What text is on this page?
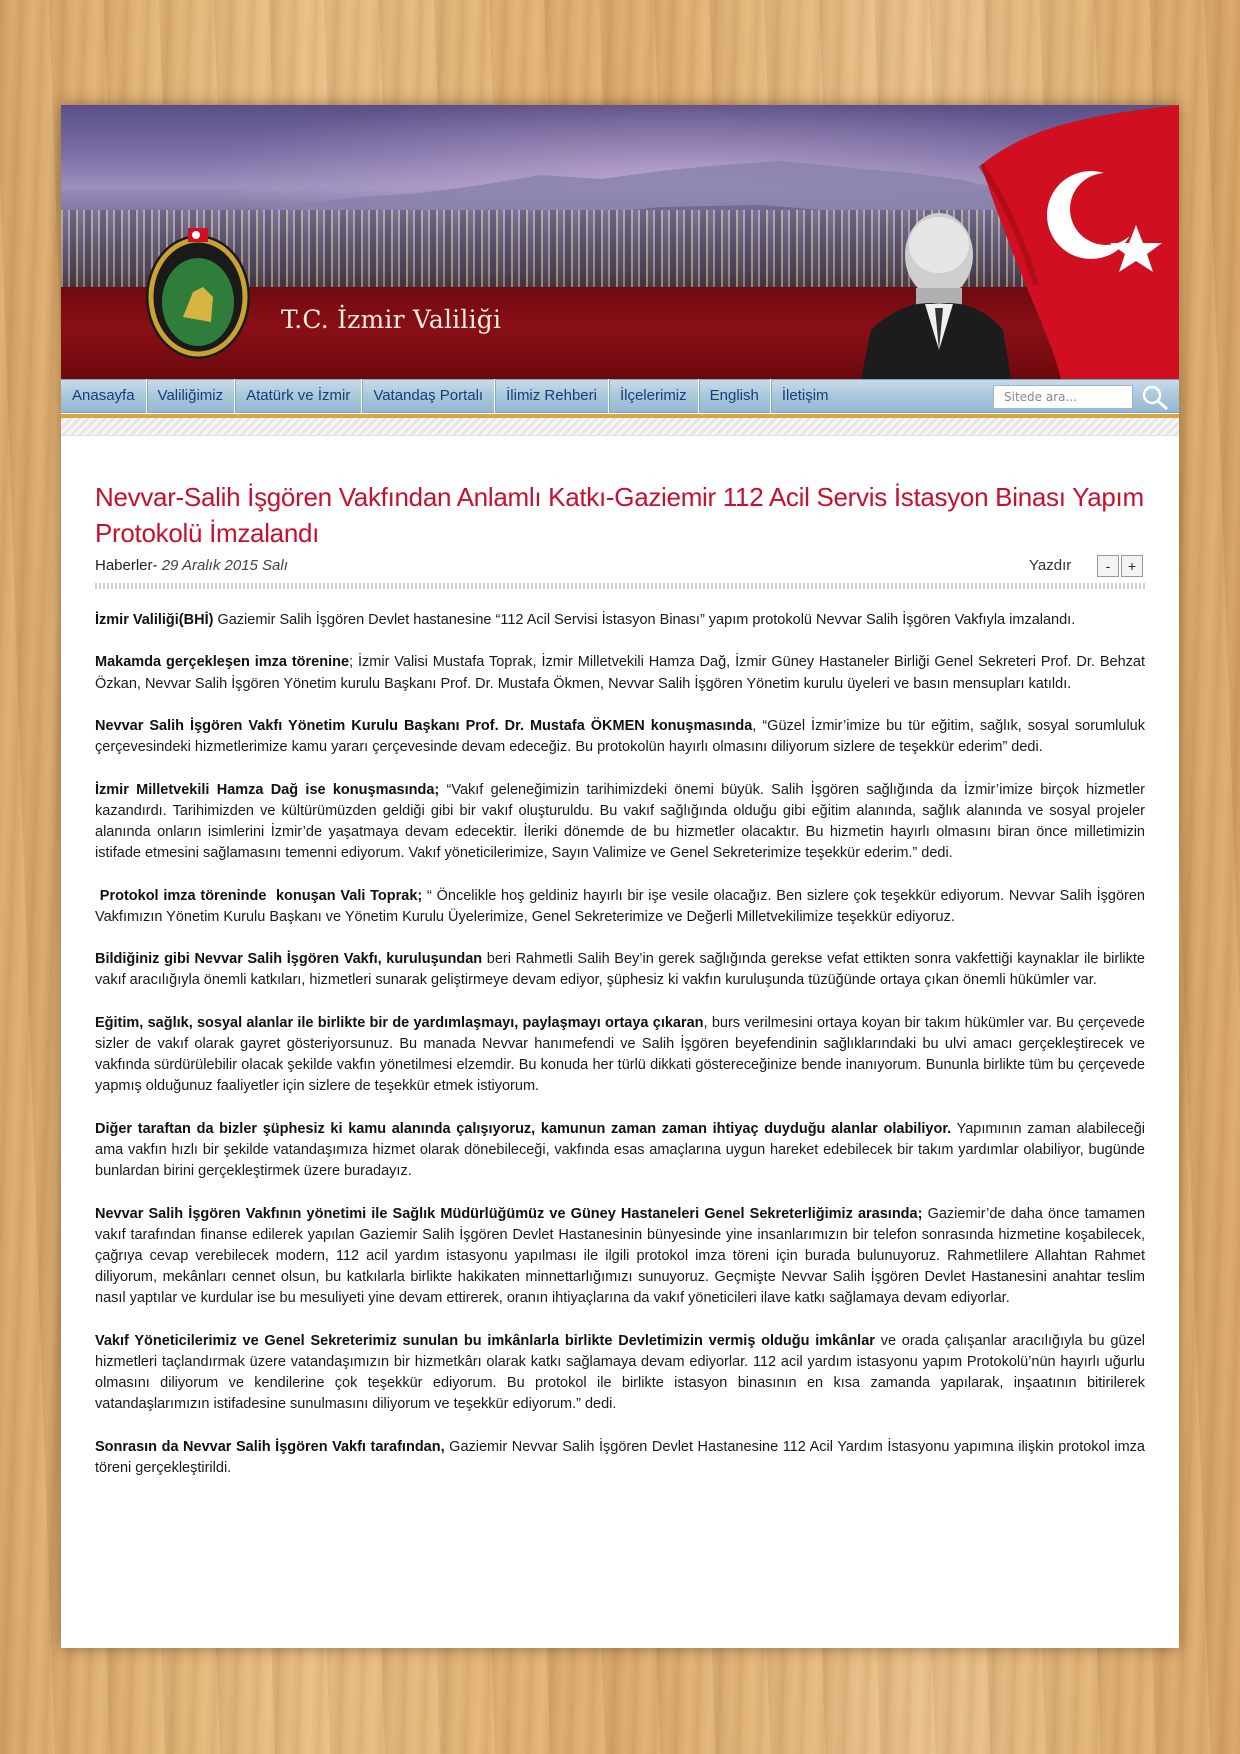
T.C. İzmir Valiliği
Anasayfa	Valiliğimiz	Atatürk ve İzmir	Vatandaş Portalı	İlimiz Rehberi	İlçelerimiz	English	İletişim	Sitede ara...
Nevvar-Salih İşgören Vakfından Anlamlı Katkı-Gaziemir 112 Acil Servis İstasyon Binası Yapım Protokolü İmzalandı
Haberler- 29 Aralık 2015 Salı	Yazdır	-	+

İzmir Valiliği(BHİ) Gaziemir Salih İşgören Devlet hastanesine “112 Acil Servisi İstasyon Binası” yapım protokolü Nevvar Salih İşgören Vakfıyla imzalandı.

Makamda gerçekleşen imza törenine; İzmir Valisi Mustafa Toprak, İzmir Milletvekili Hamza Dağ, İzmir Güney Hastaneler Birliği Genel Sekreteri Prof. Dr. Behzat Özkan, Nevvar Salih İşgören Yönetim kurulu Başkanı Prof. Dr. Mustafa Ökmen, Nevvar Salih İşgören Yönetim kurulu üyeleri ve basın mensupları katıldı.

Nevvar Salih İşgören Vakfı Yönetim Kurulu Başkanı Prof. Dr. Mustafa ÖKMEN konuşmasında, “Güzel İzmir’imize bu tür eğitim, sağlık, sosyal sorumluluk çerçevesindeki hizmetlerimize kamu yararı çerçevesinde devam edeceğiz. Bu protokolün hayırlı olmasını diliyorum sizlere de teşekkür ederim” dedi.

İzmir Milletvekili Hamza Dağ ise konuşmasında; “Vakıf geleneğimizin tarihimizdeki önemi büyük. Salih İşgören sağlığında da İzmir’imize birçok hizmetler kazandırdı. Tarihimizden ve kültürümüzden geldiği gibi bir vakıf oluşturuldu. Bu vakıf sağlığında olduğu gibi eğitim alanında, sağlık alanında ve sosyal projeler alanında onların isimlerini İzmir’de yaşatmaya devam edecektir. İleriki dönemde de bu hizmetler olacaktır. Bu hizmetin hayırlı olmasını biran önce milletimizin istifade etmesini sağlamasını temenni ediyorum. Vakıf yöneticilerimize, Sayın Valimize ve Genel Sekreterimize teşekkür ederim.” dedi.

Protokol imza töreninde  konuşan Vali Toprak; “ Öncelikle hoş geldiniz hayırlı bir işe vesile olacağız. Ben sizlere çok teşekkür ediyorum. Nevvar Salih İşgören Vakfımızın Yönetim Kurulu Başkanı ve Yönetim Kurulu Üyelerimize, Genel Sekreterimize ve Değerli Milletvekilimize teşekkür ediyoruz.

Bildiğiniz gibi Nevvar Salih İşgören Vakfı, kuruluşundan beri Rahmetli Salih Bey’in gerek sağlığında gerekse vefat ettikten sonra vakfettiği kaynaklar ile birlikte vakıf aracılığıyla önemli katkıları, hizmetleri sunarak geliştirmeye devam ediyor, şüphesiz ki vakfın kuruluşunda tüzüğünde ortaya çıkan önemli hükümler var.

Eğitim, sağlık, sosyal alanlar ile birlikte bir de yardımlaşmayı, paylaşmayı ortaya çıkaran, burs verilmesini ortaya koyan bir takım hükümler var. Bu çerçevede sizler de vakıf olarak gayret gösteriyorsunuz. Bu manada Nevvar hanımefendi ve Salih İşgören beyefendinin sağlıklarındaki bu ulvi amacı gerçekleştirecek ve vakfında sürdürülebilir olacak şekilde vakfın yönetilmesi elzemdir. Bu konuda her türlü dikkati göstereceğinize bende inanıyorum. Bununla birlikte tüm bu çerçevede yapmış olduğunuz faaliyetler için sizlere de teşekkür etmek istiyorum.

Diğer taraftan da bizler şüphesiz ki kamu alanında çalışıyoruz, kamunun zaman zaman ihtiyaç duyduğu alanlar olabiliyor. Yapımının zaman alabileceği ama vakfın hızlı bir şekilde vatandaşımıza hizmet olarak dönebileceği, vakfında esas amaçlarına uygun hareket edebilecek bir takım yardımlar olabiliyor, bugünde bunlardan birini gerçekleştirmek üzere buradayız.

Nevvar Salih İşgören Vakfının yönetimi ile Sağlık Müdürlüğümüz ve Güney Hastaneleri Genel Sekreterliğimiz arasında; Gaziemir’de daha önce tamamen vakıf tarafından finanse edilerek yapılan Gaziemir Salih İşgören Devlet Hastanesinin bünyesinde yine insanlarımızın bir telefon sonrasında hizmetine koşabilecek, çağrıya cevap verebilecek modern, 112 acil yardım istasyonu yapılması ile ilgili protokol imza töreni için burada bulunuyoruz. Rahmetlilere Allahtan Rahmet diliyorum, mekânları cennet olsun, bu katkılarla birlikte hakikaten minnettarlığımızı sunuyoruz. Geçmişte Nevvar Salih İşgören Devlet Hastanesini anahtar teslim nasıl yaptılar ve kurdular ise bu mesuliyeti yine devam ettirerek, oranın ihtiyaçlarına da vakıf yöneticileri ilave katkı sağlamaya devam ediyorlar.

Vakıf Yöneticilerimiz ve Genel Sekreterimiz sunulan bu imkânlarla birlikte Devletimizin vermiş olduğu imkânlar ve orada çalışanlar aracılığıyla bu güzel hizmetleri taçlandırmak üzere vatandaşımızın bir hizmetkârı olarak katkı sağlamaya devam ediyorlar. 112 acil yardım istasyonu yapım Protokolü’nün hayırlı uğurlu olmasını diliyorum ve kendilerine çok teşekkür ediyorum. Bu protokol ile birlikte istasyon binasının en kısa zamanda yapılarak, inşaatının bitirilerek vatandaşlarımızın istifadesine sunulmasını diliyorum ve teşekkür ediyorum.” dedi.

Sonrasın da Nevvar Salih İşgören Vakfı tarafından, Gaziemir Nevvar Salih İşgören Devlet Hastanesine 112 Acil Yardım İstasyonu yapımına ilişkin protokol imza töreni gerçekleştirildi.
